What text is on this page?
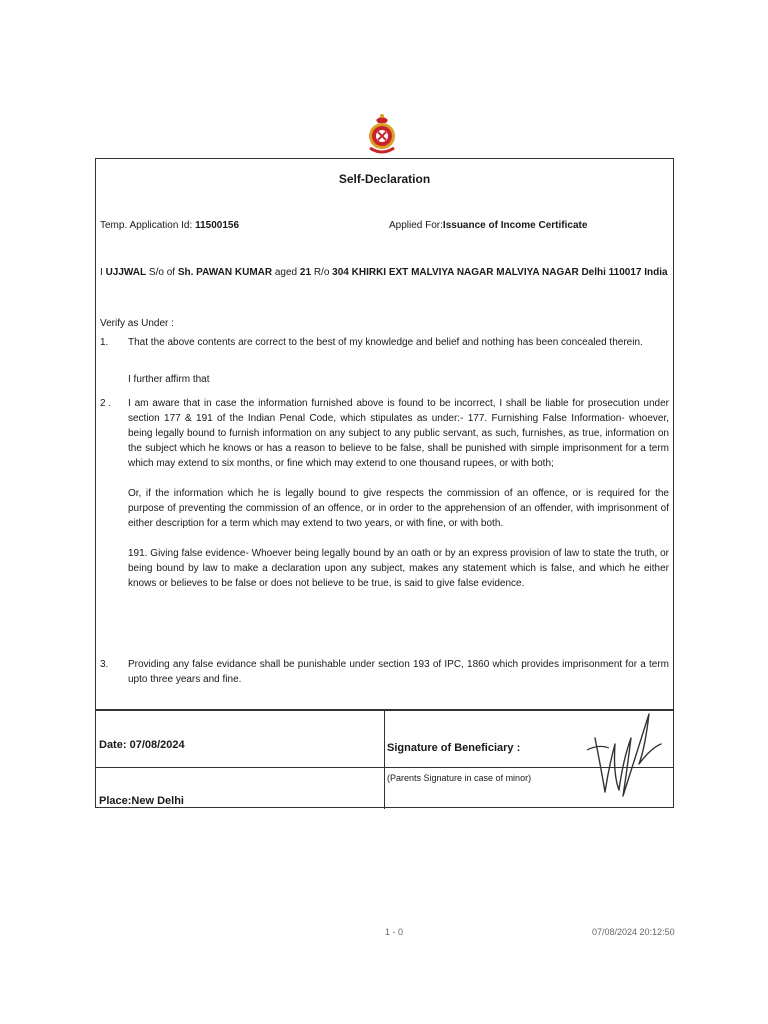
Self-Declaration
Temp. Application Id: 11500156	Applied For:Issuance of Income Certificate
I UJJWAL S/o of Sh. PAWAN KUMAR aged 21 R/o 304 KHIRKI EXT MALVIYA NAGAR MALVIYA NAGAR Delhi 110017 India
Verify as Under :
1. That the above contents are correct to the best of my knowledge and belief and nothing has been concealed therein.

I further affirm that
2 . I am aware that in case the information furnished above is found to be incorrect, I shall be liable for prosecution under section 177 & 191 of the Indian Penal Code, which stipulates as under:- 177. Furnishing False Information- whoever, being legally bound to furnish information on any subject to any public servant, as such, furnishes, as true, information on the subject which he knows or has a reason to believe to be false, shall be punished with simple imprisonment for a term which may extend to six months, or fine which may extend to one thousand rupees, or with both;

Or, if the information which he is legally bound to give respects the commission of an offence, or is required for the purpose of preventing the commission of an offence, or in order to the apprehension of an offender, with imprisonment of either description for a term which may extend to two years, or with fine, or with both.

191. Giving false evidence- Whoever being legally bound by an oath or by an express provision of law to state the truth, or being bound by law to make a declaration upon any subject, makes any statement which is false, and which he either knows or believes to be false or does not believe to be true, is said to give false evidence.

3. Providing any false evidance shall be punishable under section 193 of IPC, 1860 which provides imprisonment for a term upto three years and fine.

Date: 07/08/2024	Signature of Beneficiary :
Place:New Delhi
(Parents Signature in case of minor)
1 - 0	07/08/2024 20:12:50
